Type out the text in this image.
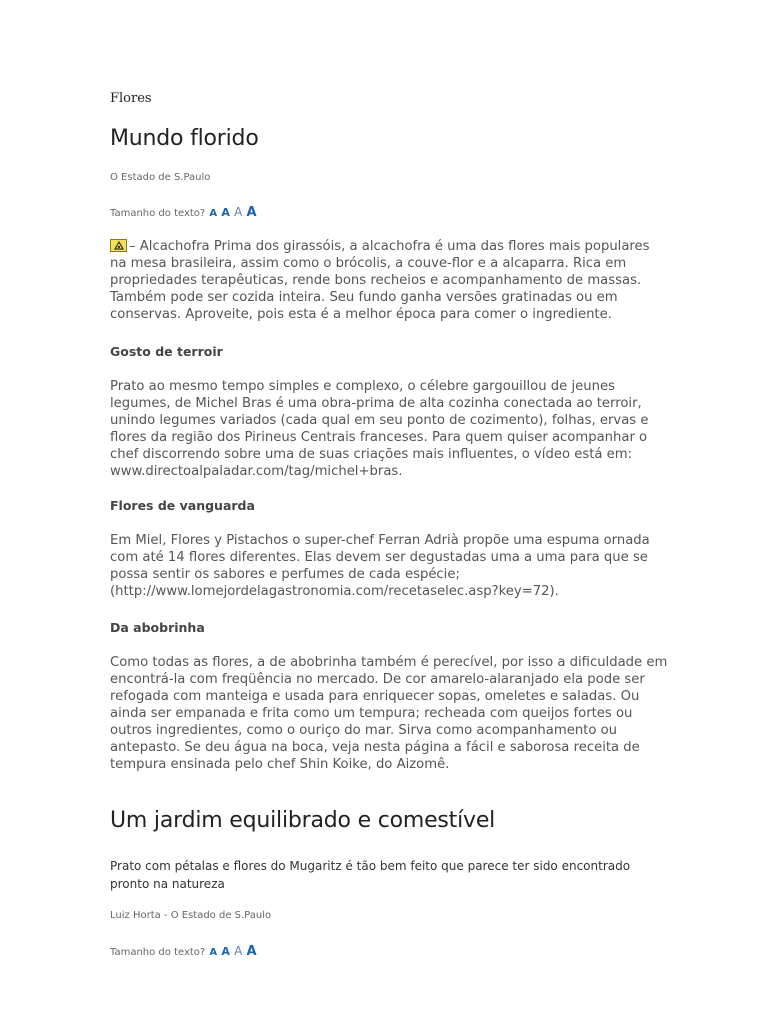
Flores
Mundo florido
O Estado de S.Paulo
Tamanho do texto? A A A A

– Alcachofra Prima dos girassóis, a alcachofra é uma das flores mais populares na mesa brasileira, assim como o brócolis, a couve-flor e a alcaparra. Rica em propriedades terapêuticas, rende bons recheios e acompanhamento de massas. Também pode ser cozida inteira. Seu fundo ganha versões gratinadas ou em conservas. Aproveite, pois esta é a melhor época para comer o ingrediente.

Gosto de terroir

Prato ao mesmo tempo simples e complexo, o célebre gargouillou de jeunes legumes, de Michel Bras é uma obra-prima de alta cozinha conectada ao terroir, unindo legumes variados (cada qual em seu ponto de cozimento), folhas, ervas e flores da região dos Pirineus Centrais franceses. Para quem quiser acompanhar o chef discorrendo sobre uma de suas criações mais influentes, o vídeo está em: www.directoalpaladar.com/tag/michel+bras.

Flores de vanguarda

Em Miel, Flores y Pistachos o super-chef Ferran Adrià propõe uma espuma ornada com até 14 flores diferentes. Elas devem ser degustadas uma a uma para que se possa sentir os sabores e perfumes de cada espécie; (http://www.lomejordelagastronomia.com/recetaselec.asp?key=72).

Da abobrinha

Como todas as flores, a de abobrinha também é perecível, por isso a dificuldade em encontrá-la com freqüência no mercado. De cor amarelo-alaranjado ela pode ser refogada com manteiga e usada para enriquecer sopas, omeletes e saladas. Ou ainda ser empanada e frita como um tempura; recheada com queijos fortes ou outros ingredientes, como o ouriço do mar. Sirva como acompanhamento ou antepasto. Se deu água na boca, veja nesta página a fácil e saborosa receita de tempura ensinada pelo chef Shin Koike, do Aizomê.

Um jardim equilibrado e comestível

Prato com pétalas e flores do Mugaritz é tão bem feito que parece ter sido encontrado pronto na natureza

Luiz Horta - O Estado de S.Paulo
Tamanho do texto? A A A A
